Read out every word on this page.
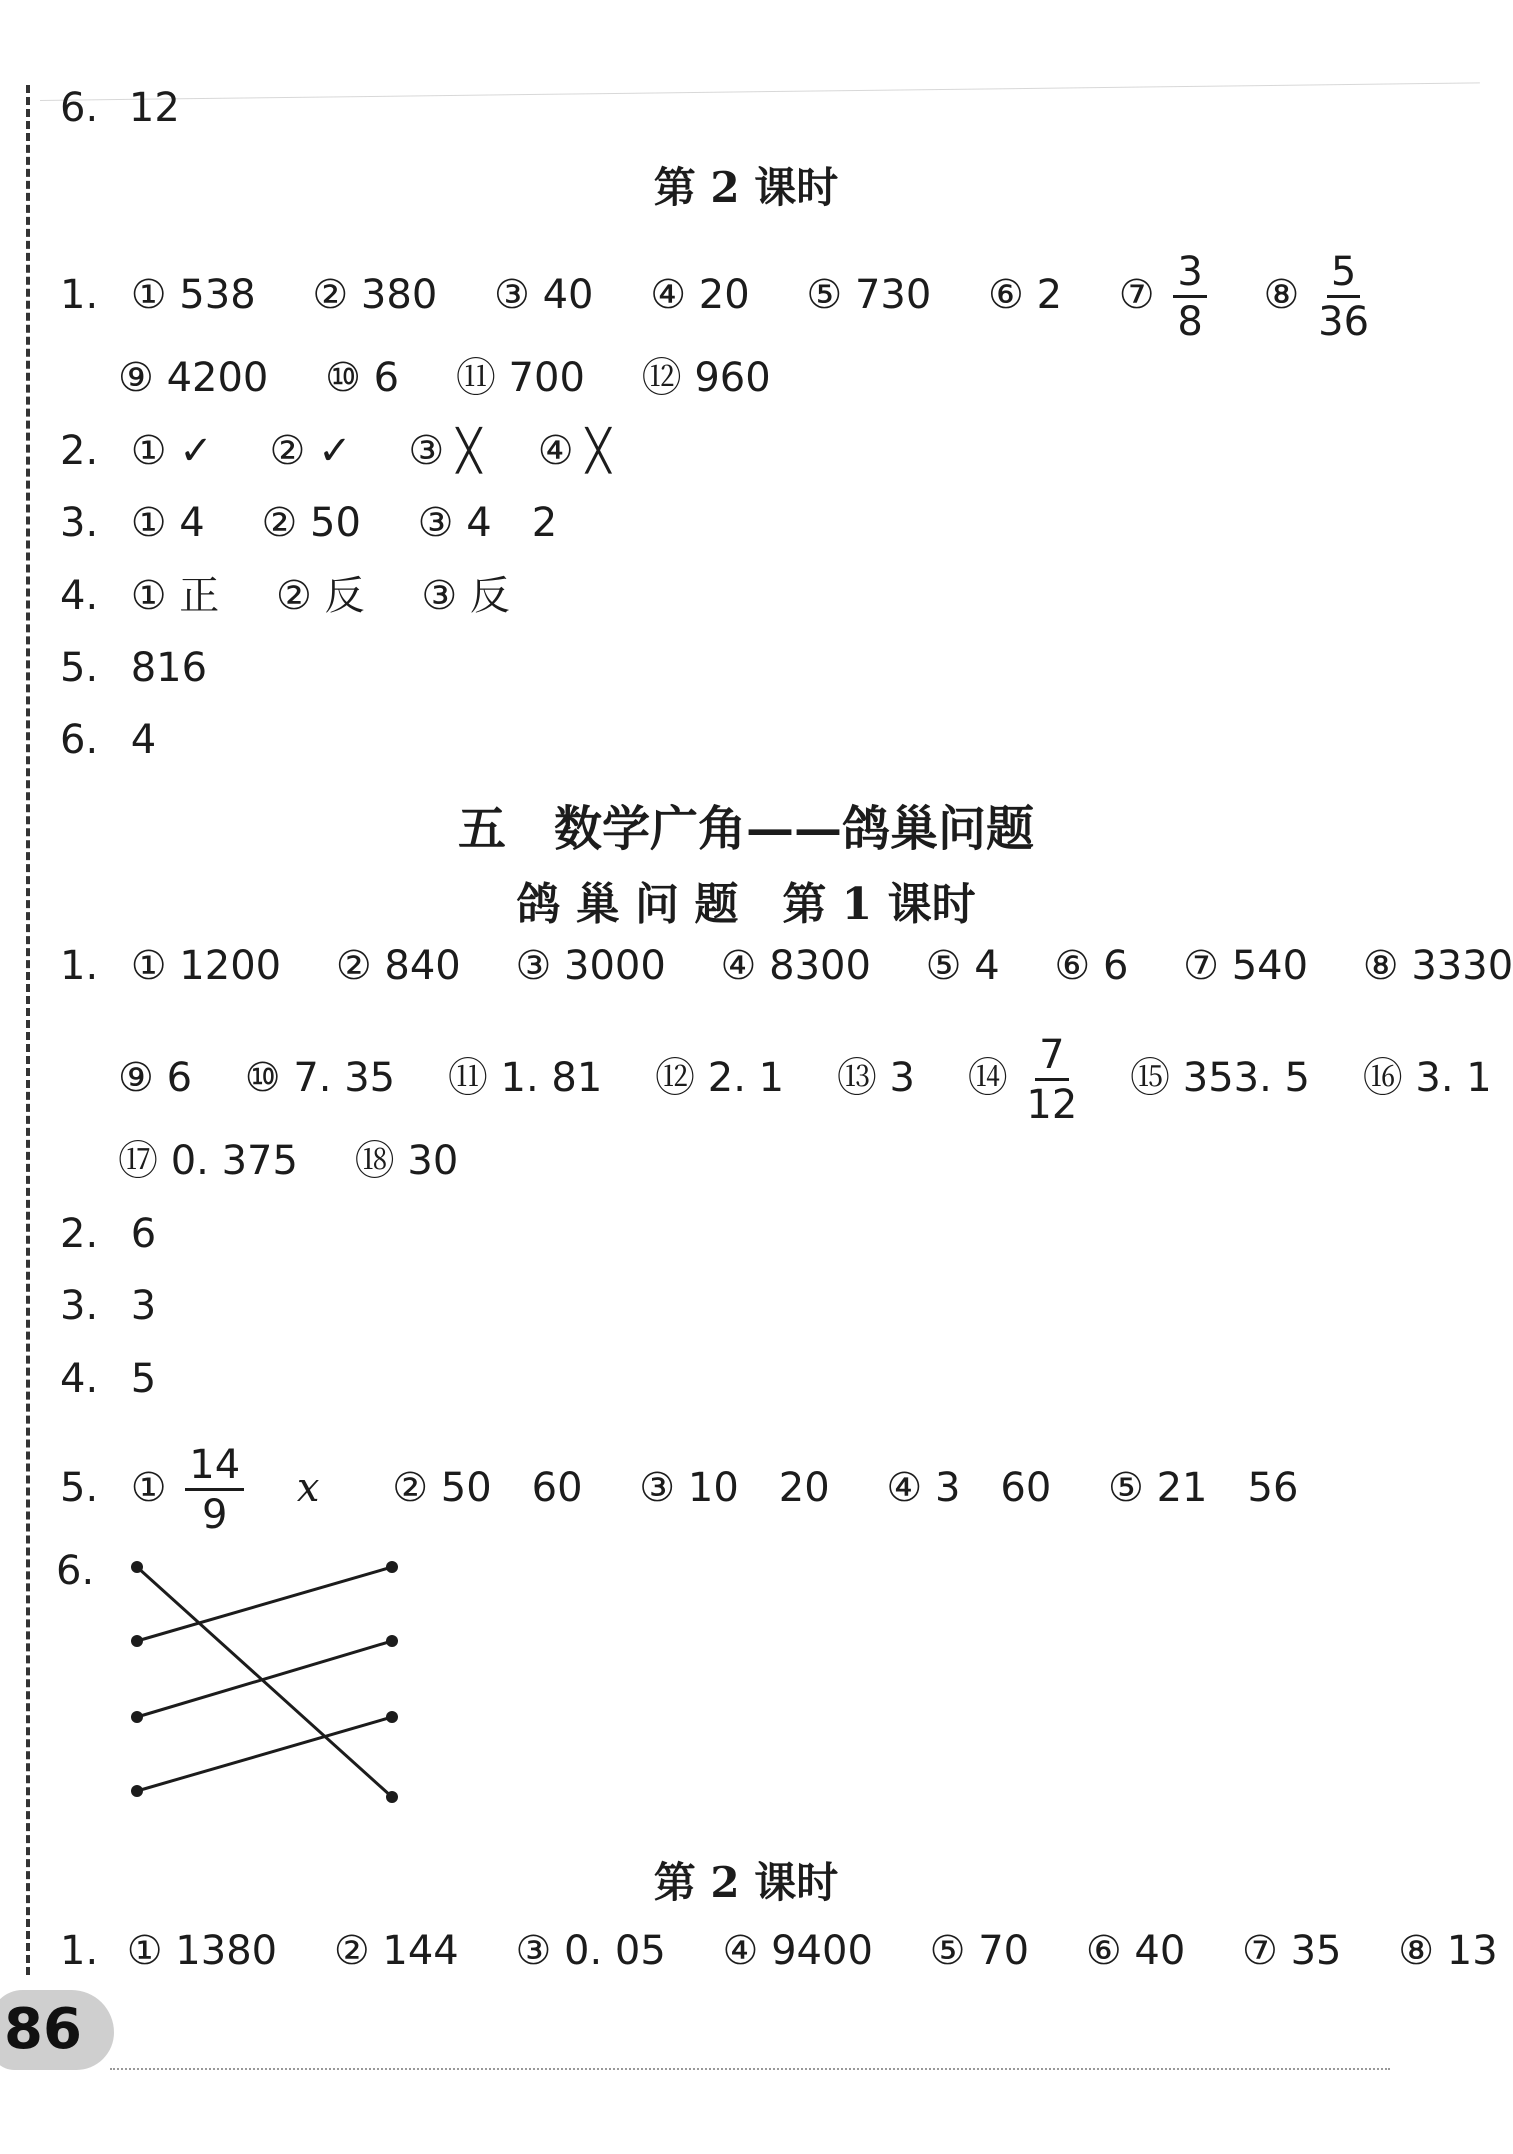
6. 12
第 2 课时
1. ① 538 ② 380 ③ 40 ④ 20 ⑤ 730 ⑥ 2 ⑦ $\frac{3}{8}$ ⑧ $\frac{5}{36}$
⑨ 4200 ⑩ 6 ⑪ 700 ⑫ 960
2. ① ✓ ② ✓ ③ ╳ ④ ╳
3. ① 4 ② 50 ③ 4　2
4. ① 正 ② 反 ③ 反
5. 816
6. 4
五　数学广角——鸽巢问题
鸽 巢 问 题　第 1 课时
1. ① 1200 ② 840 ③ 3000 ④ 8300 ⑤ 4 ⑥ 6 ⑦ 540 ⑧ 3330
⑨ 6 ⑩ 7. 35 ⑪ 1. 81 ⑫ 2. 1 ⑬ 3 ⑭ $\frac{7}{12}$ ⑮ 353. 5 ⑯ 3. 1
⑰ 0. 375 ⑱ 30
2. 6
3. 3
4. 5
5. ① $\frac{14}{9}$ x ② 50　60 ③ 10　20 ④ 3　60 ⑤ 21　56
6.
第 2 课时
1. ① 1380 ② 144 ③ 0. 05 ④ 9400 ⑤ 70 ⑥ 40 ⑦ 35 ⑧ 13
86
